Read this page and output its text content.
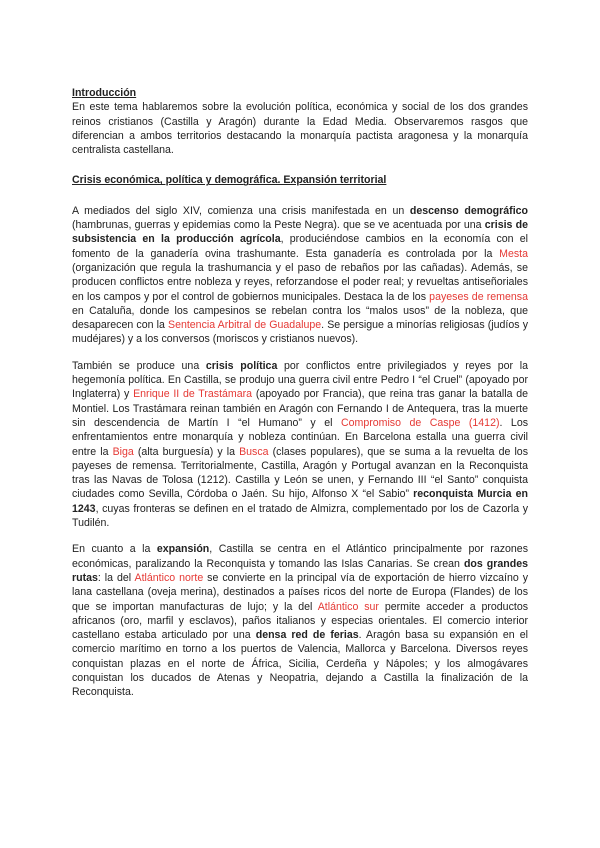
Introducción

En este tema hablaremos sobre la evolución política, económica y social de los dos grandes reinos cristianos (Castilla y Aragón) durante la Edad Media. Observaremos rasgos que diferencian a ambos territorios destacando la monarquía pactista aragonesa y la monarquía centralista castellana.

Crisis económica, política y demográfica. Expansión territorial

A mediados del siglo XIV, comienza una crisis manifestada en un descenso demográfico (hambrunas, guerras y epidemias como la Peste Negra). que se ve acentuada por una crisis de subsistencia en la producción agrícola, produciéndose cambios en la economía con el fomento de la ganadería ovina trashumante. Esta ganadería es controlada por la Mesta (organización que regula la trashumancia y el paso de rebaños por las cañadas). Además, se producen conflictos entre nobleza y reyes, reforzandose el poder real; y revueltas antiseñoriales en los campos y por el control de gobiernos municipales. Destaca la de los payeses de remensa en Cataluña, donde los campesinos se rebelan contra los “malos usos” de la nobleza, que desaparecen con la Sentencia Arbitral de Guadalupe. Se persigue a minorías religiosas (judíos y mudéjares) y a los conversos (moriscos y cristianos nuevos).

También se produce una crisis política por conflictos entre privilegiados y reyes por la hegemonía política. En Castilla, se produjo una guerra civil entre Pedro I “el Cruel” (apoyado por Inglaterra) y Enrique II de Trastámara (apoyado por Francia), que reina tras ganar la batalla de Montiel. Los Trastámara reinan también en Aragón con Fernando I de Antequera, tras la muerte sin descendencia de Martín I “el Humano” y el Compromiso de Caspe (1412). Los enfrentamientos entre monarquía y nobleza continúan. En Barcelona estalla una guerra civil entre la Biga (alta burguesía) y la Busca (clases populares), que se suma a la revuelta de los payeses de remensa. Territorialmente, Castilla, Aragón y Portugal avanzan en la Reconquista tras las Navas de Tolosa (1212). Castilla y León se unen, y Fernando III “el Santo” conquista ciudades como Sevilla, Córdoba o Jaén. Su hijo, Alfonso X “el Sabio” reconquista Murcia en 1243, cuyas fronteras se definen en el tratado de Almizra, complementado por los de Cazorla y Tudilén.

En cuanto a la expansión, Castilla se centra en el Atlántico principalmente por razones económicas, paralizando la Reconquista y tomando las Islas Canarias. Se crean dos grandes rutas: la del Atlántico norte se convierte en la principal vía de exportación de hierro vizcaíno y lana castellana (oveja merina), destinados a países ricos del norte de Europa (Flandes) de los que se importan manufacturas de lujo; y la del Atlántico sur permite acceder a productos africanos (oro, marfil y esclavos), paños italianos y especias orientales. El comercio interior castellano estaba articulado por una densa red de ferias. Aragón basa su expansión en el comercio marítimo en torno a los puertos de Valencia, Mallorca y Barcelona. Diversos reyes conquistan plazas en el norte de África, Sicilia, Cerdeña y Nápoles; y los almogávares conquistan los ducados de Atenas y Neopatria, dejando a Castilla la finalización de la Reconquista.
